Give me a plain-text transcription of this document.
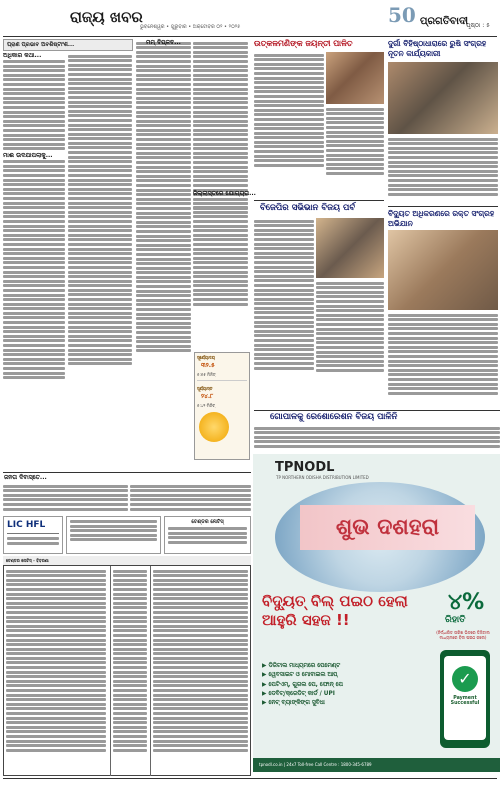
ରାଜ୍ୟ ଖବର
ଭୁବନେଶ୍ୱର • ଗୁରୁବାର • ଅକ୍ଟୋବର ୦୨ • ୨୦୨୫	50 ପ୍ରଗତିବାଦୀ
ପୃଷ୍ଠା : ୫
ପ୍ରାଣ ପ୍ରଭାବ ଅବଶିଷ୍ଟାଂଶ...
ଅଧିକାର କଥା...
ମାଈ ଉଦଯାପଲାକୁ...
ଜନତା ଦିବାସ୍ତେ...
ମମ୍ ବିପ୍ଳବ...
ଜିଲ୍ଲାସ୍ତରେ ଯୋଗ୍ୟତା...
ସୂର୍ଯ୍ୟୋଦୟ
୩୨.୫
୫:୫୫ ମିନିଟ୍
ସୂର୍ଯ୍ୟାସ୍ତ
୨୪.୮
୫:୪୨ ମିନିଟ୍
ଉତ୍କଳମଣିଙ୍କ ଜୟନ୍ତୀ ପାଳିତ
ବିଜେପିର ସଭିଭାନ ବିଜୟ ପର୍ବ
ଗୋପାଳକୁ ରେଶୋରେଶନ ବିଜୟ ପାଳିନି
ଦୁର୍ଗା ବିହିଷ୍ଠାଧାରାରେ ରୁଷି ସଂଗ୍ରହ ନୂତନ କାର୍ଯ୍ୟକାରୀ
ବିଦ୍ୟୁତ ଅଧିକରଣରେ ରକ୍ତ ସଂଗ୍ରହ ଅଭିଯାନ
LIC HFL	ଟେଣ୍ଡର ନୋଟିସ୍
ଟେଣ୍ଡର ନୋଟିସ୍ - ବିବରଣୀ
TPNODL
TP NORTHERN ODISHA DISTRIBUTION LIMITED
ଶୁଭ ଦଶହରା
ବିଦ୍ୟୁତ୍ ବିଲ୍ ପଇଠ ହେଲା ଆହୁରି ସହଜ !!
୪%
ରିହାତି
(ନିର୍ଦ୍ଧାରିତ ତାରିଖ ଭିତରେ ଡିଜିଟାଲ ମାଧ୍ୟମରେ ବିଲ ପଇଠ କଲେ)
▶ ଡିଜିଟାଲ ମାଧ୍ୟମରେ ପେମେଣ୍ଟ
▶ ୱେବସାଇଟ ଓ ମୋବାଇଲ ଆପ୍
▶ ପେଟିଏମ୍, ଗୁଗଲ ପେ, ଫୋନ୍ ପେ
▶ ଡେବିଟ୍/କ୍ରେଡିଟ୍ କାର୍ଡ / UPI
▶ ନେଟ୍ ବ୍ୟାଙ୍କିଙ୍ଗ ସୁବିଧା
✓
Payment Successful
tpnodl.co.in | 24x7 Toll-free Call Centre : 1800-345-6789
